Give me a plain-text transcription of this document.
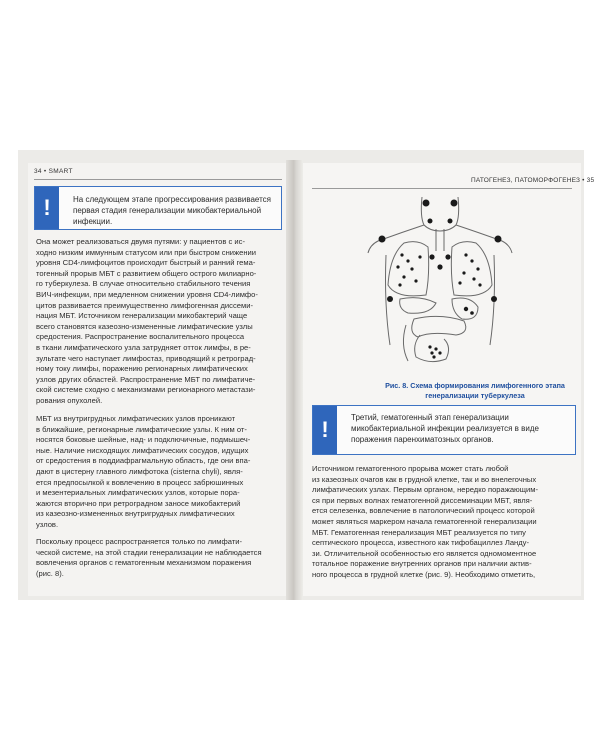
34 • SMART
!	На следующем этапе прогрессирования развивается первая стадия генерализации микобактериальной инфекции.

Она может реализоваться двумя путями: у пациентов с ис-
ходно низким иммунным статусом или при быстром снижении
уровня CD4-лимфоцитов происходит быстрый и ранний гема-
тогенный прорыв МБТ с развитием общего острого милиарно-
го туберкулеза. В случае относительно стабильного течения
ВИЧ-инфекции, при медленном снижении уровня CD4-лимфо-
цитов развивается преимущественно лимфогенная диссеми-
нация МБТ. Источником генерализации микобактерий чаще
всего становятся казеозно-измененные лимфатические узлы
средостения. Распространение воспалительного процесса
в ткани лимфатического узла затрудняет отток лимфы, в ре-
зультате чего наступает лимфостаз, приводящий к ретроград-
ному току лимфы, поражению регионарных лимфатических
узлов других областей. Распространение МБТ по лимфатиче-
ской системе сходно с механизмами регионарного метастази-
рования опухолей.

МБТ из внутригрудных лимфатических узлов проникают
в ближайшие, регионарные лимфатические узлы. К ним от-
носятся боковые шейные, над- и подключичные, подмышеч-
ные. Наличие нисходящих лимфатических сосудов, идущих
от средостения в поддиафрагмальную область, где они впа-
дают в цистерну главного лимфотока (cisterna chyli), явля-
ется предпосылкой к вовлечению в процесс забрюшинных
и мезентериальных лимфатических узлов, которые пора-
жаются вторично при ретроградном заносе микобактерий
из казеозно-измененных внутригрудных лимфатических
узлов.

Поскольку процесс распространяется только по лимфати-
ческой системе, на этой стадии генерализации не наблюдается
вовлечения органов с гематогенным механизмом поражения
(рис. 8).

ПАТОГЕНЕЗ, ПАТОМОРФОГЕНЕЗ • 35
Рис. 8. Схема формирования лимфогенного этапа генерализации туберкулеза
!	Третий, гематогенный этап генерализации микобактериальной инфекции реализуется в виде поражения паренхиматозных органов.

Источником гематогенного прорыва может стать любой
из казеозных очагов как в грудной клетке, так и во внелегочных
лимфатических узлах. Первым органом, нередко поражающим-
ся при первых волнах гематогенной диссеминации МБТ, явля-
ется селезенка, вовлечение в патологический процесс которой
может являться маркером начала гематогенной генерализации
МБТ. Гематогенная генерализация МБТ реализуется по типу
септического процесса, известного как тифобациллез Ланду-
зи. Отличительной особенностью его является одномоментное
тотальное поражение внутренних органов при наличии актив-
ного процесса в грудной клетке (рис. 9). Необходимо отметить,
